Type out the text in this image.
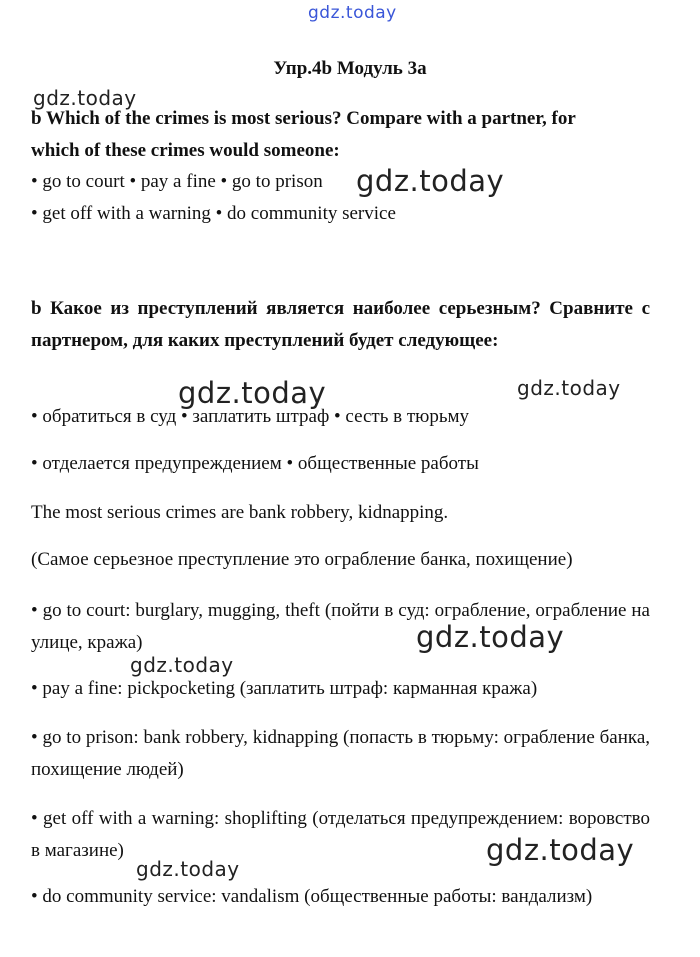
gdz.today
gdz.today
gdz.today
gdz.today	gdz.today
gdz.today
gdz.today
gdz.today
gdz.today
Упр.4b Модуль 3a
b Which of the crimes is most serious? Compare with a partner, for
which of these crimes would someone:
• go to court • pay a fine • go to prison
• get off with a warning • do community service
b Какое из преступлений является наиболее серьезным? Сравните с партнером, для каких преступлений будет следующее:
• обратиться в суд • заплатить штраф • сесть в тюрьму
• отделается предупреждением • общественные работы
The most serious crimes are bank robbery, kidnapping.
(Самое серьезное преступление это ограбление банка, похищение)
• go to court: burglary, mugging, theft (пойти в суд: ограбление, ограбление на улице, кража)
• pay a fine: pickpocketing (заплатить штраф: карманная кража)
• go to prison: bank robbery, kidnapping (попасть в тюрьму: ограбление банка, похищение людей)
• get off with a warning: shoplifting (отделаться предупреждением: воровство в магазине)
• do community service: vandalism (общественные работы: вандализм)
